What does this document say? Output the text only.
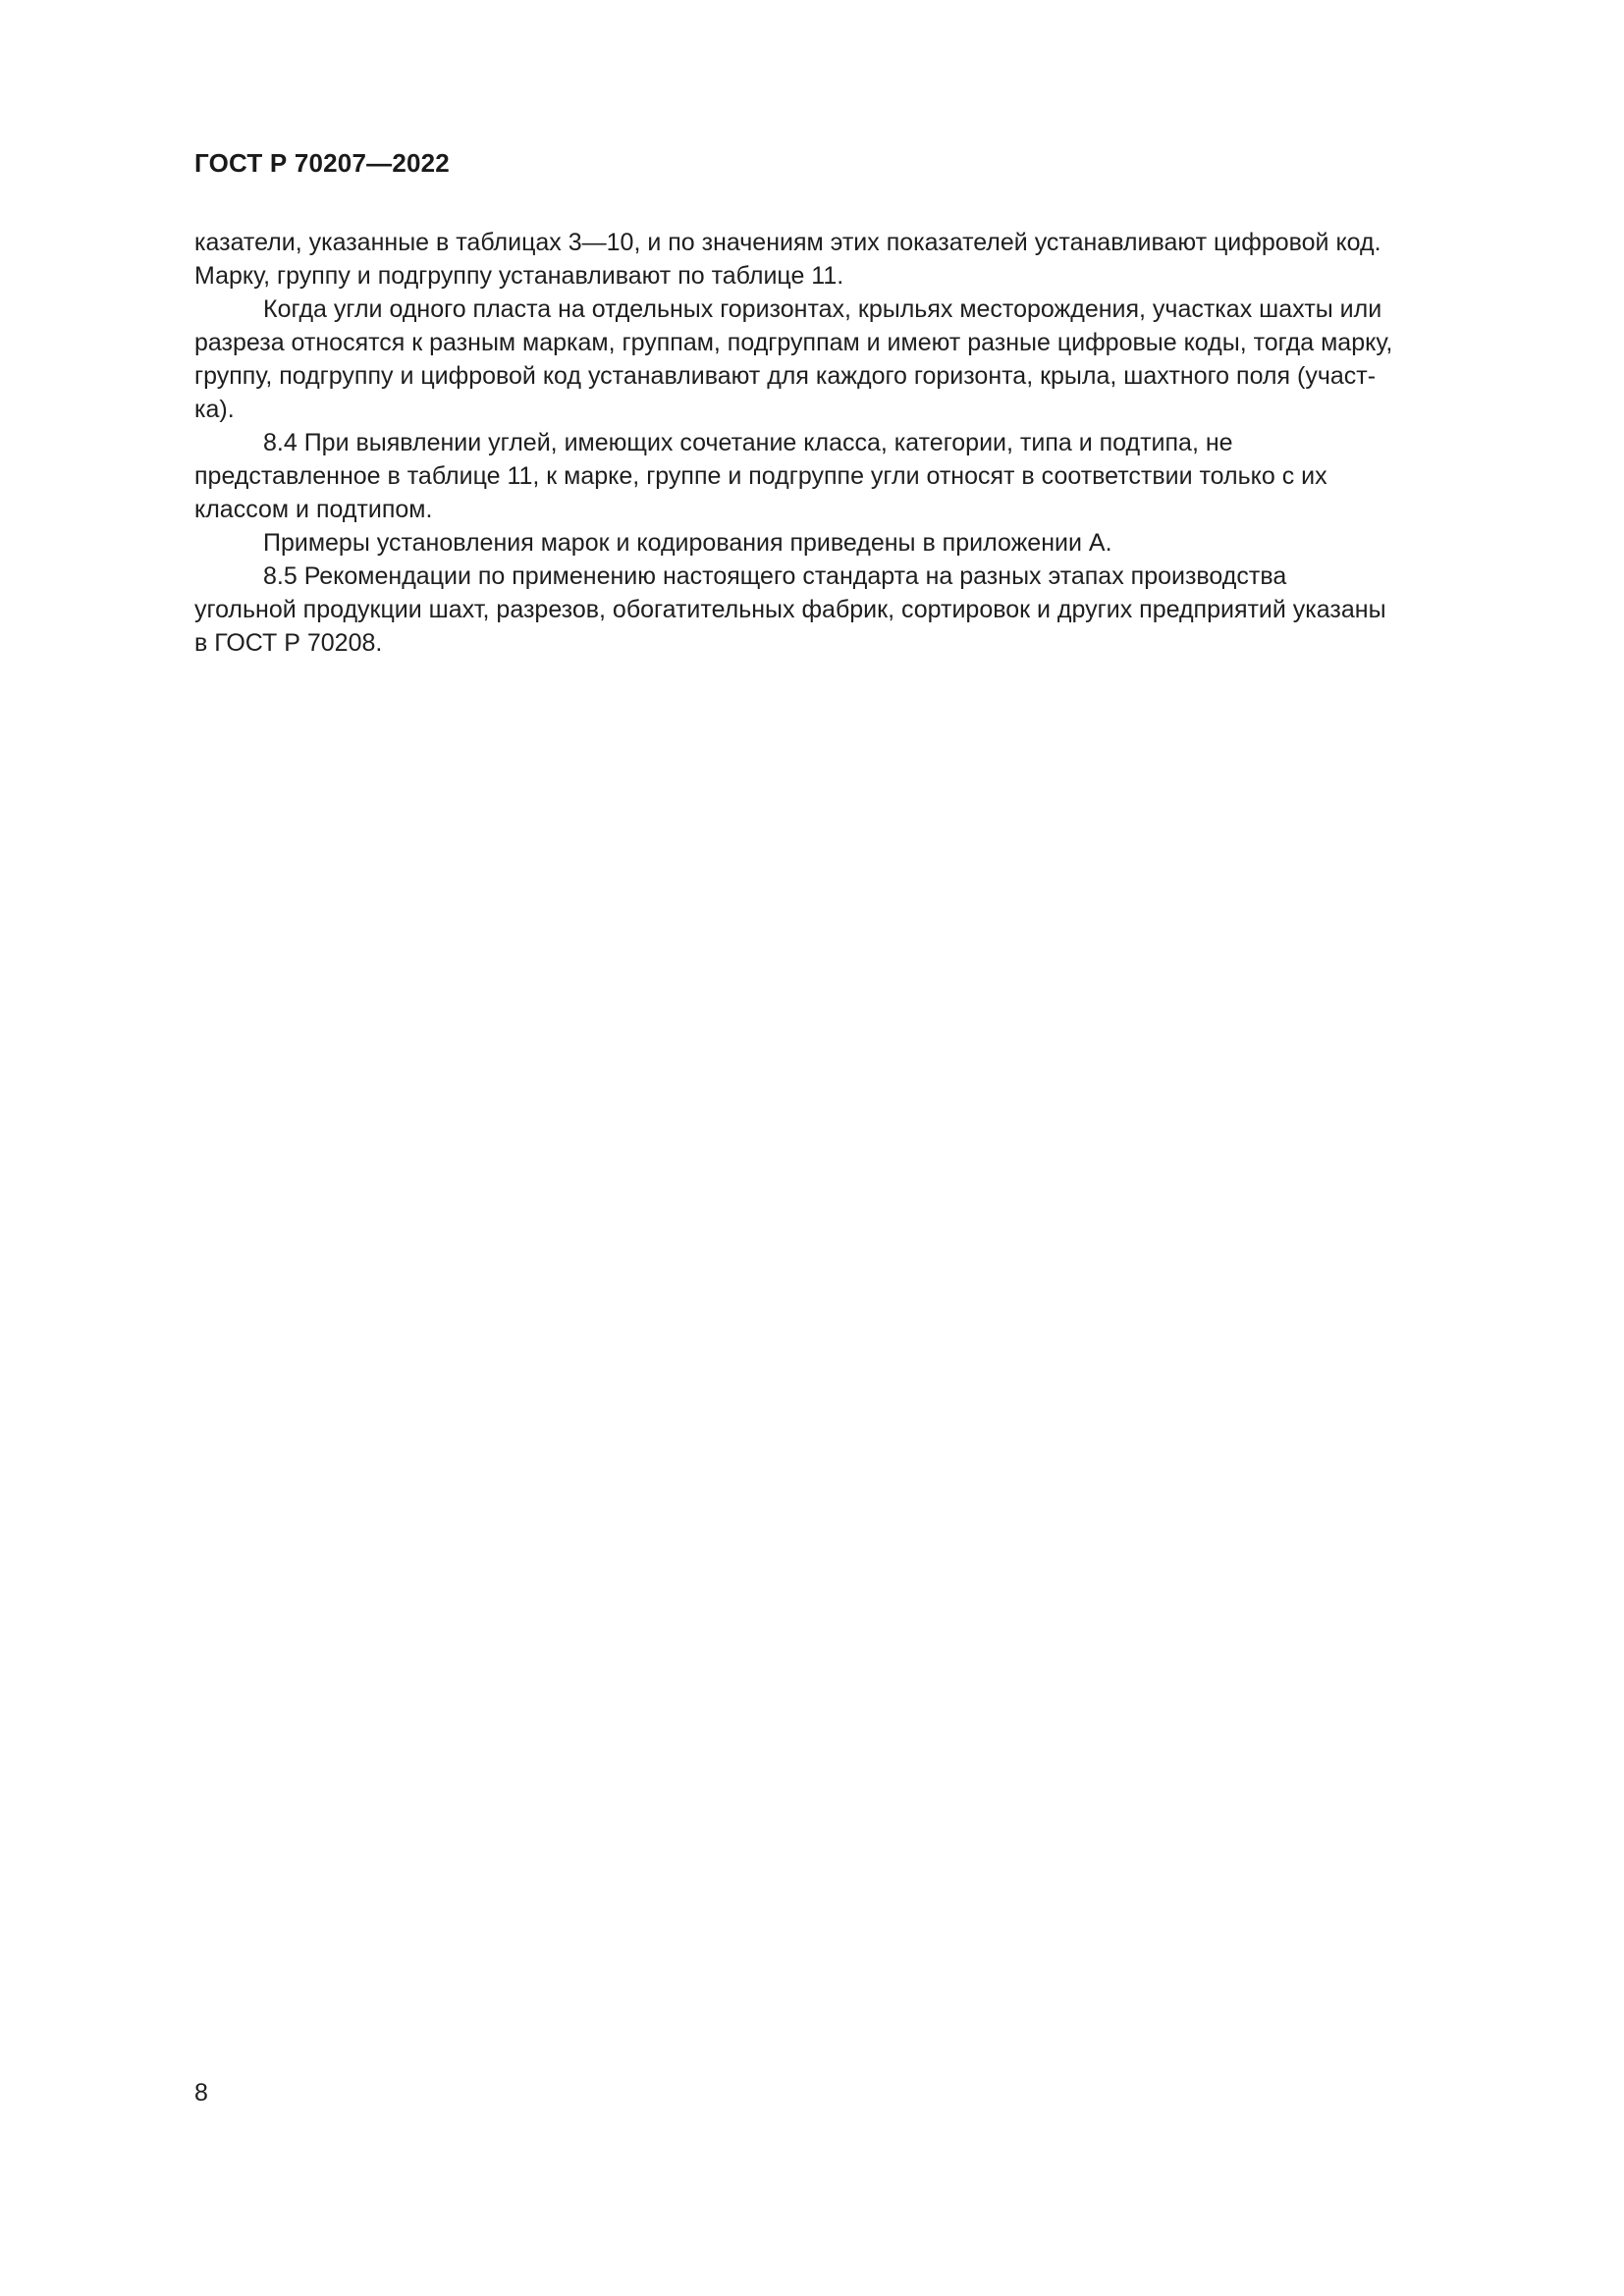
ГОСТ Р 70207—2022

казатели, указанные в таблицах 3—10, и по значениям этих показателей устанавливают цифровой код.
Марку, группу и подгруппу устанавливают по таблице 11.

Когда угли одного пласта на отдельных горизонтах, крыльях месторождения, участках шахты или
разреза относятся к разным маркам, группам, подгруппам и имеют разные цифровые коды, тогда марку,
группу, подгруппу и цифровой код устанавливают для каждого горизонта, крыла, шахтного поля (участ-
ка).

8.4 При выявлении углей, имеющих сочетание класса, категории, типа и подтипа, не
представленное в таблице 11, к марке, группе и подгруппе угли относят в соответствии только с их
классом и подтипом.

Примеры установления марок и кодирования приведены в приложении А.

8.5 Рекомендации по применению настоящего стандарта на разных этапах производства
угольной продукции шахт, разрезов, обогатительных фабрик, сортировок и других предприятий указаны
в ГОСТ Р 70208.

8
